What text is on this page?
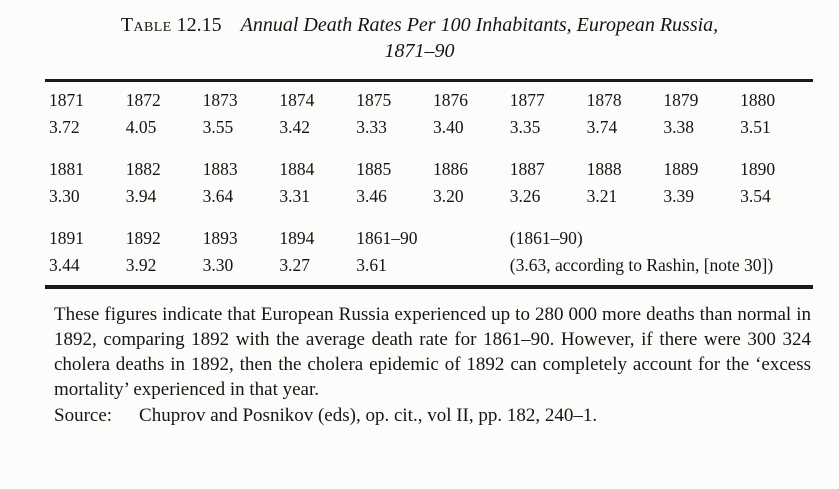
Table 12.15 Annual Death Rates Per 100 Inhabitants, European Russia,
1871–90
1871	1872	1873	1874	1875	1876	1877	1878	1879	1880
3.72	4.05	3.55	3.42	3.33	3.40	3.35	3.74	3.38	3.51
1881	1882	1883	1884	1885	1886	1887	1888	1889	1890
3.30	3.94	3.64	3.31	3.46	3.20	3.26	3.21	3.39	3.54
1891	1892	1893	1894	1861–90		(1861–90)			
3.44	3.92	3.30	3.27	3.61		(3.63, according to Rashin, [note 30])			

These figures indicate that European Russia experienced up to 280 000 more deaths than normal in 1892, comparing 1892 with the average death rate for 1861–90. However, if there were 300 324 cholera deaths in 1892, then the cholera epidemic of 1892 can completely account for the ‘excess mortality’ experienced in that year.

Source: Chuprov and Posnikov (eds), op. cit., vol II, pp. 182, 240–1.
